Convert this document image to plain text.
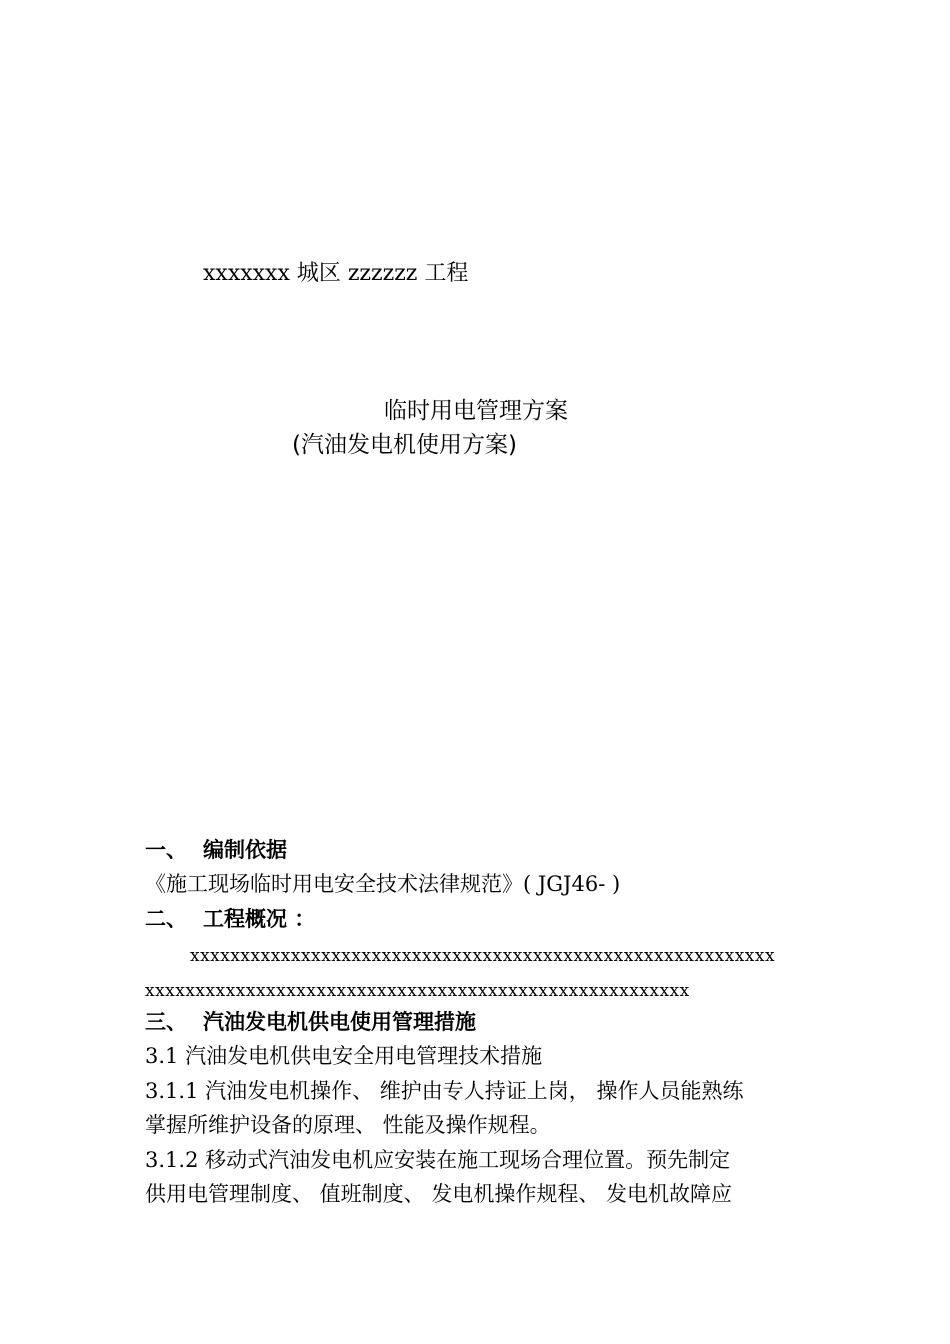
xxxxxxx 城区 zzzzzz 工程
临时用电管理方案
(汽油发电机使用方案)
一、 编制依据
《施工现场临时用电安全技术法律规范》( JGJ46- )
二、 工程概况 ：
xxxxxxxxxxxxxxxxxxxxxxxxxxxxxxxxxxxxxxxxxxxxxxxxxxxxxxxxxx
xxxxxxxxxxxxxxxxxxxxxxxxxxxxxxxxxxxxxxxxxxxxxxxxxxxxxx
三、 汽油发电机供电使用管理措施
3.1 汽油发电机供电安全用电管理技术措施
3.1.1 汽油发电机操作、 维护由专人持证上岗， 操作人员能熟练
掌握所维护设备的原理、 性能及操作规程。
3.1.2 移动式汽油发电机应安装在施工现场合理位置。预先制定
供用电管理制度、 值班制度、 发电机操作规程、 发电机故障应
